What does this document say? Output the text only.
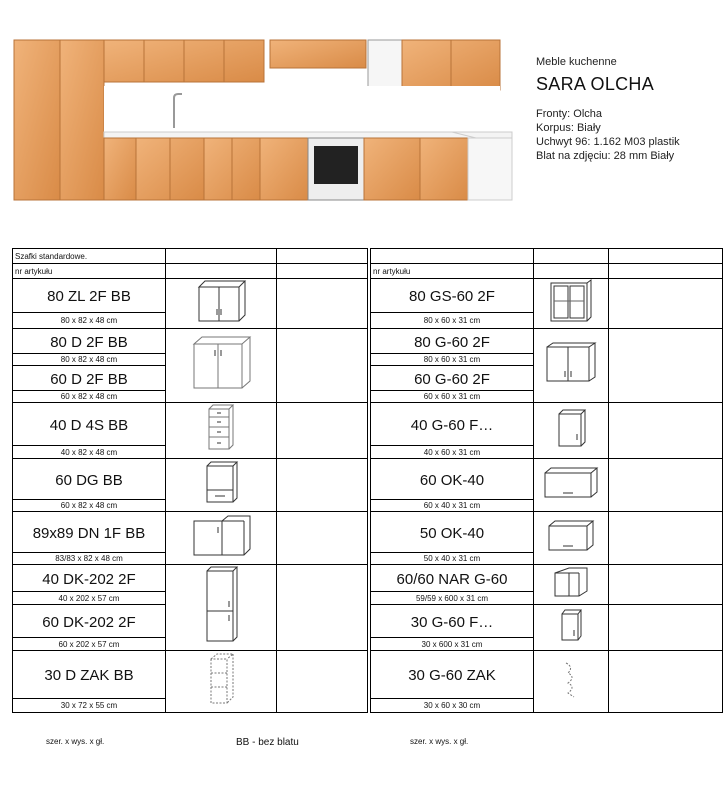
Meble kuchenne
SARA OLCHA
Fronty: Olcha
Korpus: Biały
Uchwyt 96: 1.162 M03 plastik
Blat na zdjęciu: 28 mm Biały
Szafki standardowe.						
nr artykułu				nr artykułu		
80 ZL 2F BB				80 GS-60 2F		
80 x 82 x 48 cm				80 x 60 x 31 cm		
80 D 2F BB				80 G-60 2F		
80 x 82 x 48 cm				80 x 60 x 31 cm		
60 D 2F BB				60 G-60 2F		
60 x 82 x 48 cm				60 x 60 x 31 cm		
40 D 4S BB				40 G-60 F…		
40 x 82 x 48 cm				40 x 60 x 31 cm		
60 DG BB				60 OK-40		
60 x 82 x 48 cm				60 x 40 x 31 cm		
89x89 DN 1F BB				50 OK-40		
83/83 x 82 x 48 cm				50 x 40 x 31 cm		
40 DK-202 2F				60/60 NAR G-60		
40 x 202 x 57 cm				59/59 x 600 x 31 cm		
60 DK-202 2F				30 G-60 F…		
60 x 202 x 57 cm				30 x 600 x 31 cm		
30 D ZAK BB				30 G-60 ZAK		
30 x 72 x 55 cm				30 x 60 x 30 cm		
szer. x wys. x gł.	BB - bez blatu	szer. x wys. x gł.
